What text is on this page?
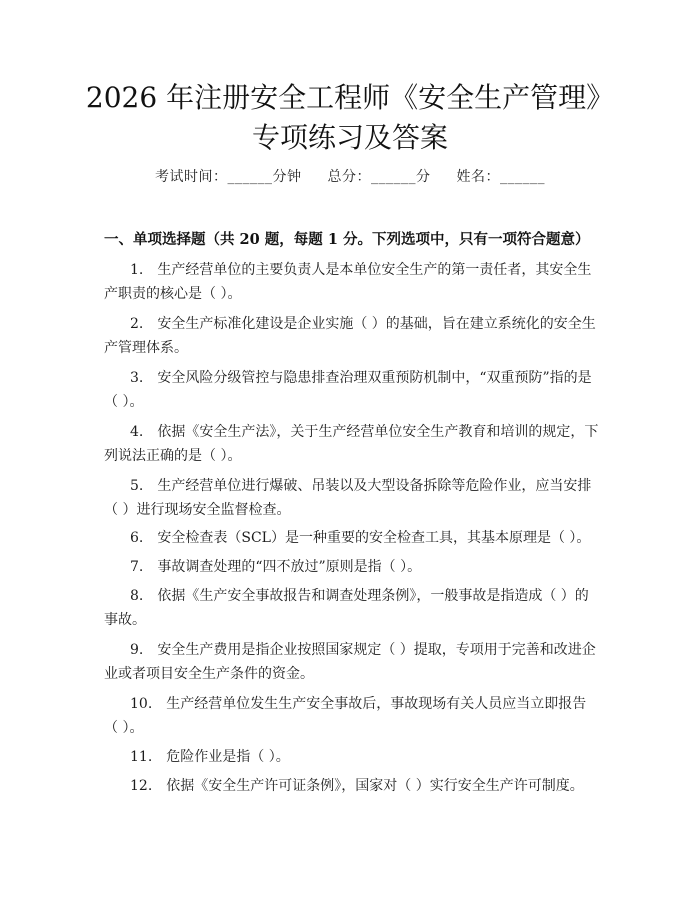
2026 年注册安全工程师《安全生产管理》专项练习及答案
考试时间：______分钟 总分：______分 姓名：______
一、单项选择题（共 20 题，每题 1 分。下列选项中，只有一项符合题意）
1. 生产经营单位的主要负责人是本单位安全生产的第一责任者，其安全生产职责的核心是（ ）。
2. 安全生产标准化建设是企业实施（ ）的基础，旨在建立系统化的安全生产管理体系。
3. 安全风险分级管控与隐患排查治理双重预防机制中，“双重预防”指的是（ ）。
4. 依据《安全生产法》，关于生产经营单位安全生产教育和培训的规定，下列说法正确的是（ ）。
5. 生产经营单位进行爆破、吊装以及大型设备拆除等危险作业，应当安排（ ）进行现场安全监督检查。
6. 安全检查表（SCL）是一种重要的安全检查工具，其基本原理是（ ）。
7. 事故调查处理的“四不放过”原则是指（ ）。
8. 依据《生产安全事故报告和调查处理条例》，一般事故是指造成（ ）的事故。
9. 安全生产费用是指企业按照国家规定（ ）提取，专项用于完善和改进企业或者项目安全生产条件的资金。
10. 生产经营单位发生生产安全事故后，事故现场有关人员应当立即报告（ ）。
11. 危险作业是指（ ）。
12. 依据《安全生产许可证条例》，国家对（ ）实行安全生产许可制度。
